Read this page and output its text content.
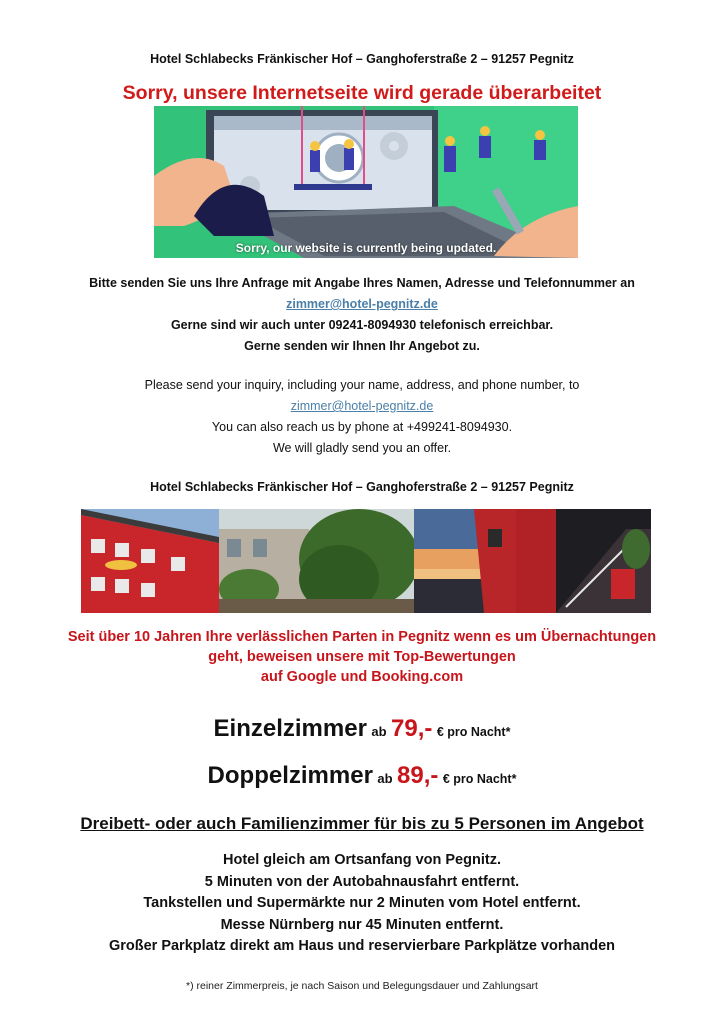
Hotel Schlabecks Fränkischer Hof – Ganghoferstraße 2 – 91257 Pegnitz
Sorry, unsere Internetseite wird gerade überarbeitet
Sorry, our website is currently being updated.
Bitte senden Sie uns Ihre Anfrage mit Angabe Ihres Namen, Adresse und Telefonnummer an
zimmer@hotel-pegnitz.de
Gerne sind wir auch unter 09241-8094930 telefonisch erreichbar.
Gerne senden wir Ihnen Ihr Angebot zu.
Please send your inquiry, including your name, address, and phone number, to
zimmer@hotel-pegnitz.de
You can also reach us by phone at +499241-8094930.
We will gladly send you an offer.
Hotel Schlabecks Fränkischer Hof – Ganghoferstraße 2 – 91257 Pegnitz
Seit über 10 Jahren Ihre verlässlichen Parten in Pegnitz wenn es um Übernachtungen
geht, beweisen unsere mit Top-Bewertungen
auf Google und Booking.com
Einzelzimmer ab 79,- € pro Nacht*
Doppelzimmer ab 89,- € pro Nacht*
Dreibett- oder auch Familienzimmer für bis zu 5 Personen im Angebot
Hotel gleich am Ortsanfang von Pegnitz.
5 Minuten von der Autobahnausfahrt entfernt.
Tankstellen und Supermärkte nur 2 Minuten vom Hotel entfernt.
Messe Nürnberg nur 45 Minuten entfernt.
Großer Parkplatz direkt am Haus und reservierbare Parkplätze vorhanden
*) reiner Zimmerpreis, je nach Saison und Belegungsdauer und Zahlungsart
